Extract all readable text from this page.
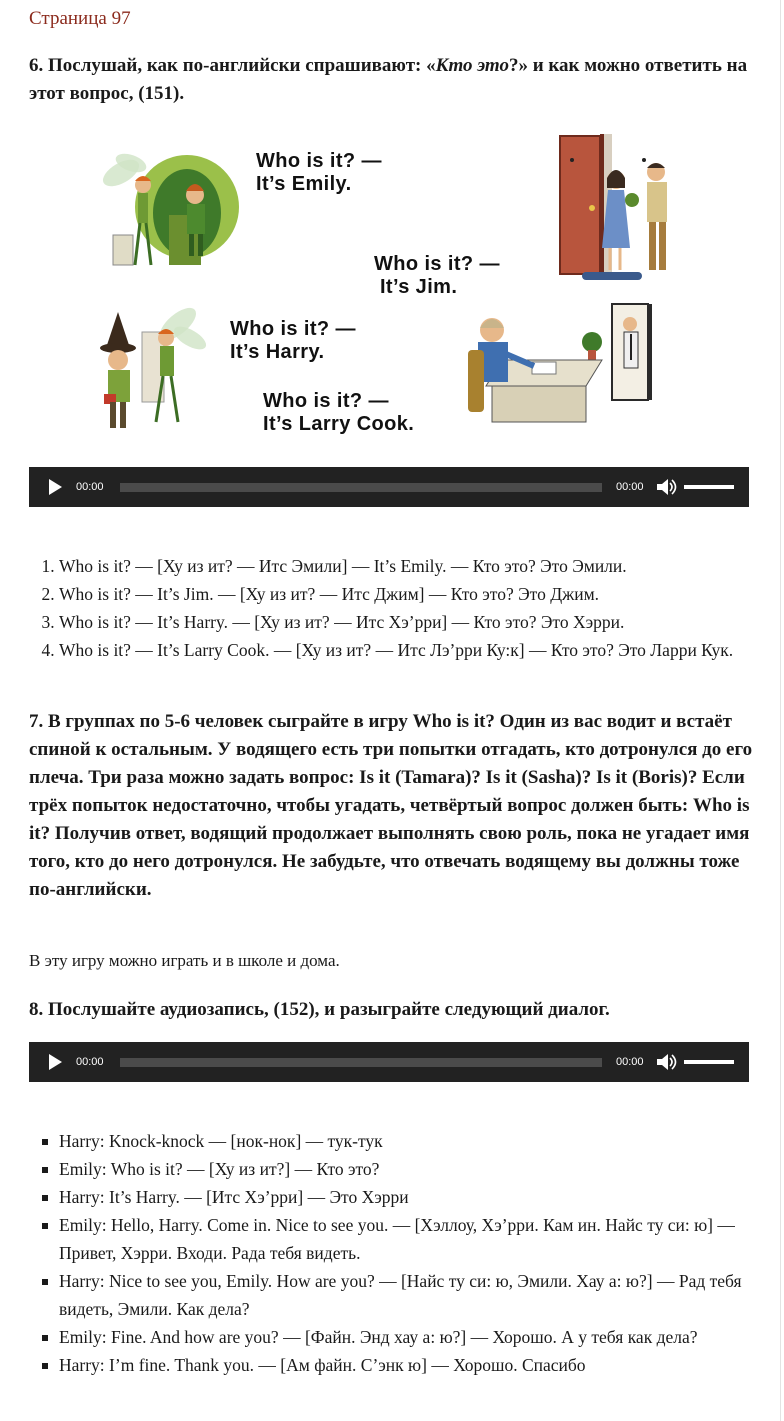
Страница 97
6. Послушай, как по-английски спрашивают: «Кто это?» и как можно ответить на этот вопрос, (151).
Who is it? —
It’s Emily.
Who is it? —
It’s Jim.
Who is it? —
It’s Harry.
Who is it? —
It’s Larry Cook.
00:00	00:00
1. Who is it? — [Ху из ит? — Итс Эмили] — It’s Emily. — Кто это? Это Эмили.
2. Who is it? — It’s Jim. — [Ху из ит? — Итс Джим] — Кто это? Это Джим.
3. Who is it? — It’s Harry. — [Ху из ит? — Итс Хэ’рри] — Кто это? Это Хэрри.
4. Who is it? — It’s Larry Cook. — [Ху из ит? — Итс Лэ’рри Ку:к] — Кто это? Это Ларри Кук.
7. В группах по 5-6 человек сыграйте в игру Who is it? Один из вас водит и встаёт спиной к остальным. У водящего есть три попытки отгадать, кто дотронулся до его плеча. Три раза можно задать вопрос: Is it (Tamara)? Is it (Sasha)? Is it (Boris)? Если трёх попыток недостаточно, чтобы угадать, четвёртый вопрос должен быть: Who is it? Получив ответ, водящий продолжает выполнять свою роль, пока не угадает имя того, кто до него дотронулся. Не забудьте, что отвечать водящему вы должны тоже по-английски.
В эту игру можно играть и в школе и дома.
8. Послушайте аудиозапись, (152), и разыграйте следующий диалог.
00:00	00:00
Harry: Knock-knock — [нок-нок] — тук-тук
Emily: Who is it? — [Ху из ит?] — Кто это?
Harry: It’s Harry. — [Итс Хэ’рри] — Это Хэрри
Emily: Hello, Harry. Come in. Nice to see you. — [Хэллоу, Хэ’рри. Кам ин. Найс ту си: ю] — Привет, Хэрри. Входи. Рада тебя видеть.
Harry: Nice to see you, Emily. How are you? — [Найс ту си: ю, Эмили. Хау а: ю?] — Рад тебя видеть, Эмили. Как дела?
Emily: Fine. And how are you? — [Файн. Энд хау а: ю?] — Хорошо. А у тебя как дела?
Harry: I’m fine. Thank you. — [Ам файн. С’энк ю] — Хорошо. Спасибо
